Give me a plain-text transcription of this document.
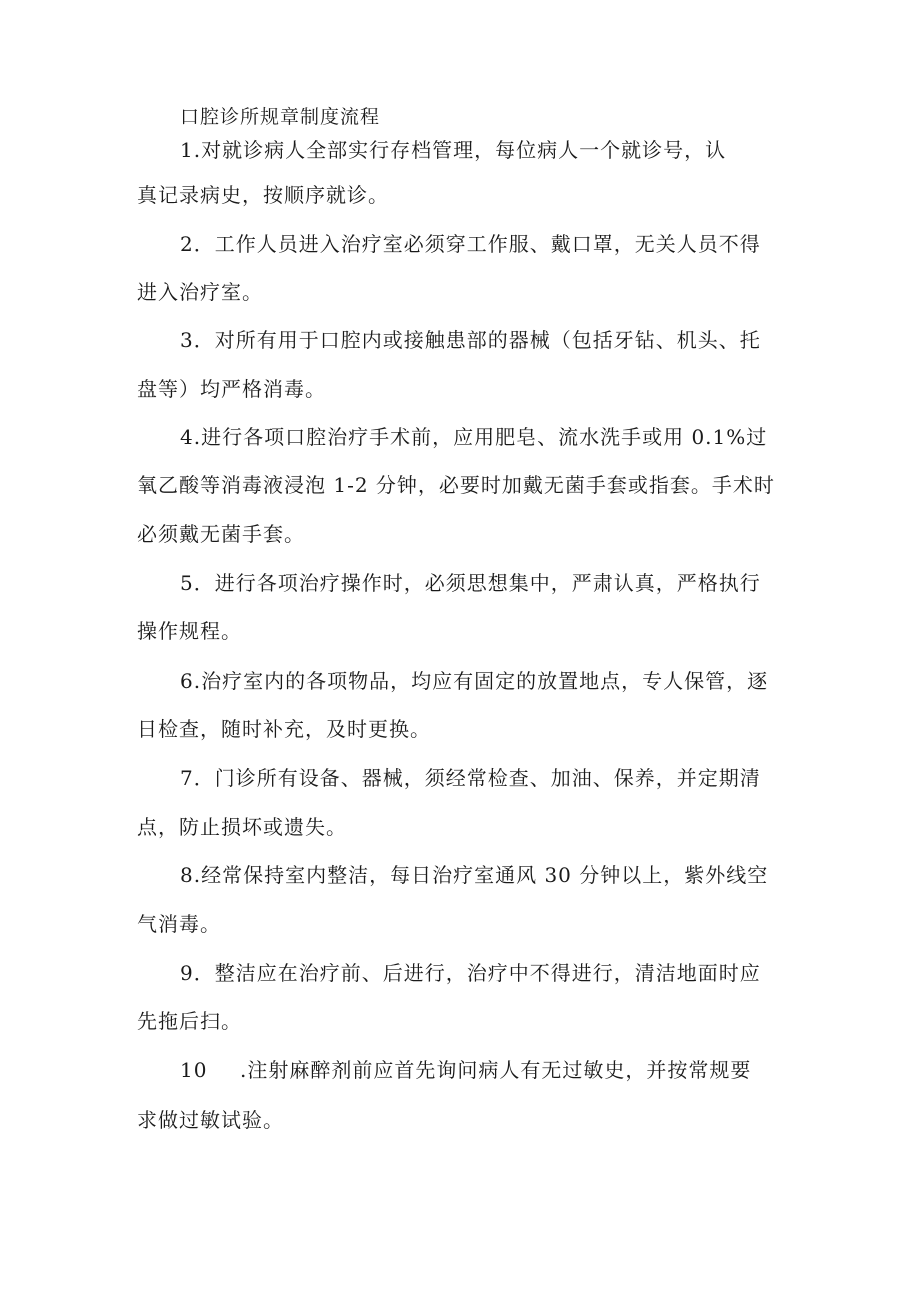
口腔诊所规章制度流程
1.对就诊病人全部实行存档管理，每位病人一个就诊号，认
真记录病史，按顺序就诊。
2．工作人员进入治疗室必须穿工作服、戴口罩，无关人员不得
进入治疗室。
3．对所有用于口腔内或接触患部的器械（包括牙钻、机头、托
盘等）均严格消毒。
4.进行各项口腔治疗手术前，应用肥皂、流水洗手或用 0.1%过
氧乙酸等消毒液浸泡 1-2 分钟，必要时加戴无菌手套或指套。手术时
必须戴无菌手套。
5．进行各项治疗操作时，必须思想集中，严肃认真，严格执行
操作规程。
6.治疗室内的各项物品，均应有固定的放置地点，专人保管，逐
日检查，随时补充，及时更换。
7．门诊所有设备、器械，须经常检查、加油、保养，并定期清
点，防止损坏或遗失。
8.经常保持室内整洁，每日治疗室通风 30 分钟以上，紫外线空
气消毒。
9．整洁应在治疗前、后进行，治疗中不得进行，清洁地面时应
先拖后扫。
10 .注射麻醉剂前应首先询问病人有无过敏史，并按常规要
求做过敏试验。
